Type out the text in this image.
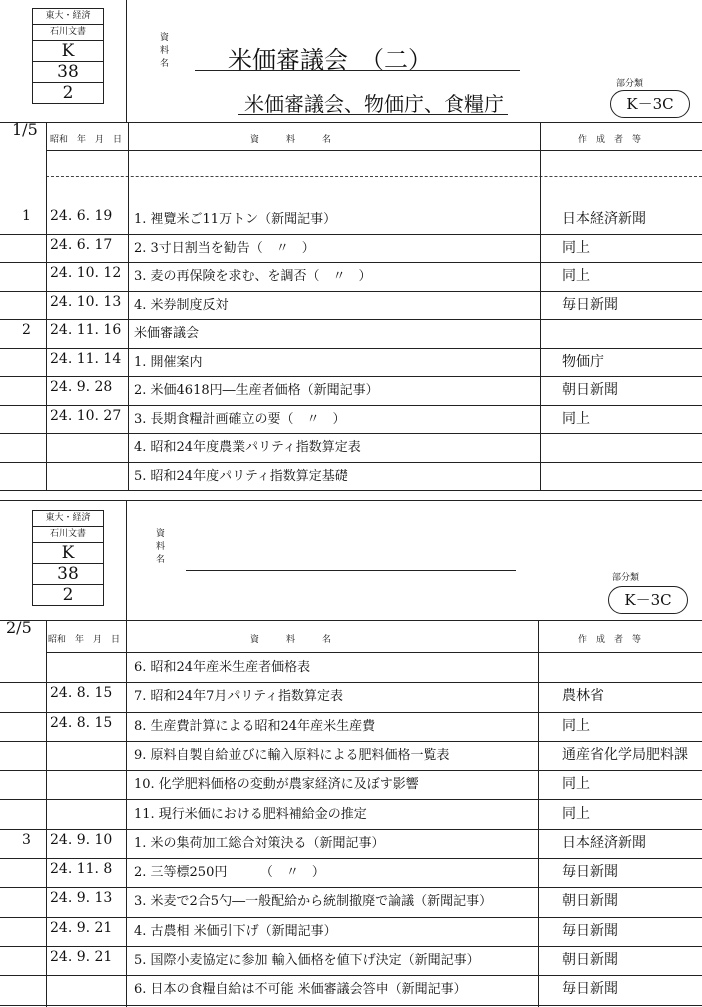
東大・経済
石川文書
K
38
2
資
料
名 米価審議会　（二）
米価審議会、物価庁、食糧庁
部分類
K－3C
1/5
昭和　年　月　日	資　　　料　　　名	作　成　者　等
1 24. 6. 19 1. 裡覽米ご11万トン（新聞記事）	日本経済新聞
24. 6. 17 2. 3寸日割当を勧告（　〃　）	同上
24. 10. 12 3. 麦の再保険を求む、を調否（　〃　）	同上
24. 10. 13 4. 米券制度反対	毎日新聞
2 24. 11. 16 米価審議会
24. 11. 14 1. 開催案内	物価庁
24. 9. 28 2. 米価4618円―生産者価格（新聞記事）	朝日新聞
24. 10. 27 3. 長期食糧計画確立の要（　〃　）	同上
4. 昭和24年度農業パリティ指数算定表
5. 昭和24年度パリティ指数算定基礎
東大・経済
石川文書
K
38
2
資
料
名
部分類
K－3C
2/5
昭和　年　月　日	資　　　料　　　名	作　成　者　等
6. 昭和24年産米生産者価格表
24. 8. 15 7. 昭和24年7月パリティ指数算定表	農林省
24. 8. 15 8. 生産費計算による昭和24年産米生産費	同上
9. 原料自製自給並びに輸入原料による肥料価格一覧表	通産省化学局肥料課
10. 化学肥料価格の変動が農家経済に及ぼす影響	同上
11. 現行米価における肥料補給金の推定	同上
3 24. 9. 10 1. 米の集荷加工総合対策決る（新聞記事）	日本経済新聞
24. 11. 8 2. 三等標250円　　　（　〃　）	毎日新聞
24. 9. 13 3. 米麦で2合5勺―一般配給から統制撤廃で論議（新聞記事）	朝日新聞
24. 9. 21 4. 古農相 米価引下げ（新聞記事）	毎日新聞
24. 9. 21 5. 国際小麦協定に参加 輸入価格を値下げ決定（新聞記事）	朝日新聞
6. 日本の食糧自給は不可能 米価審議会答申（新聞記事）	毎日新聞
